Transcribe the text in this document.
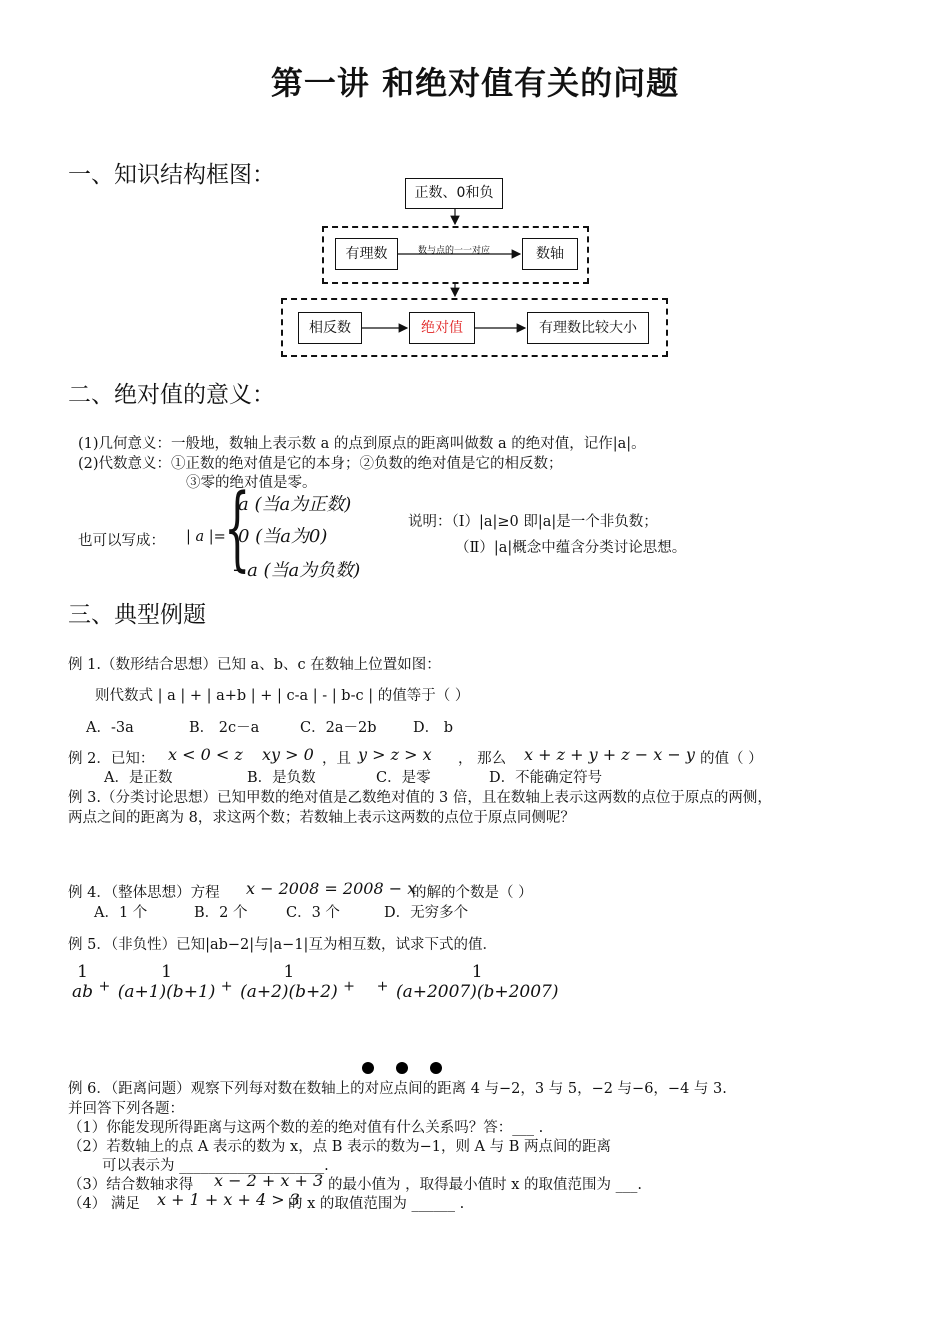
第一讲 和绝对值有关的问题
一、知识结构框图：
正数、0和负
有理数	数轴
数与点的一一对应
相反数	绝对值	有理数比较大小
二、绝对值的意义：
(1)几何意义：一般地，数轴上表示数 a 的点到原点的距离叫做数 a 的绝对值，记作|a|。
(2)代数意义：①正数的绝对值是它的本身；②负数的绝对值是它的相反数；
③零的绝对值是零。
也可以写成： | a |=
{
a (当a为正数)
0 (当a为0)
−a (当a为负数)
说明：（Ⅰ）|a|≥0 即|a|是一个非负数；
（Ⅱ）|a|概念中蕴含分类讨论思想。
三、典型例题
例 1.（数形结合思想）已知 a、b、c 在数轴上位置如图：
则代数式 | a | + | a+b | + | c-a | - | b-c | 的值等于（ ）
A．-3a	B． 2c－a	C．2a－2b	D． b
例 2．已知： x < 0 < z xy > 0 ，且 y > z > x ， 那么 x + z + y + z − x − y 的值（ ）
A．是正数	B．是负数	C．是零	D．不能确定符号
例 3.（分类讨论思想）已知甲数的绝对值是乙数绝对值的 3 倍，且在数轴上表示这两数的点位于原点的两侧，
两点之间的距离为 8，求这两个数；若数轴上表示这两数的点位于原点同侧呢？
例 4．（整体思想）方程 x − 2008 = 2008 − x
的解的个数是（ ）
A．1 个	B．2 个	C．3 个	D．无穷多个
例 5．（非负性）已知|ab−2|与|a−1|互为相互数，试求下式的值．
1
ab + 1
(a+1)(b+1) + 1
(a+2)(b+2) + + 1
(a+2007)(b+2007)
例 6．（距离问题）观察下列每对数在数轴上的对应点间的距离 4 与−2，3 与 5，−2 与−6，−4 与 3.
并回答下列各题：
（1）你能发现所得距离与这两个数的差的绝对值有什么关系吗？答：___ .
（2）若数轴上的点 A 表示的数为 x，点 B 表示的数为−1，则 A 与 B 两点间的距离
可以表示为 ____________________.
（3）结合数轴求得 x − 2 + x + 3 的最小值为 ，取得最小值时 x 的取值范围为 ___.
（4） 满足 x + 1 + x + 4 > 3
的 x 的取值范围为 ______ .
